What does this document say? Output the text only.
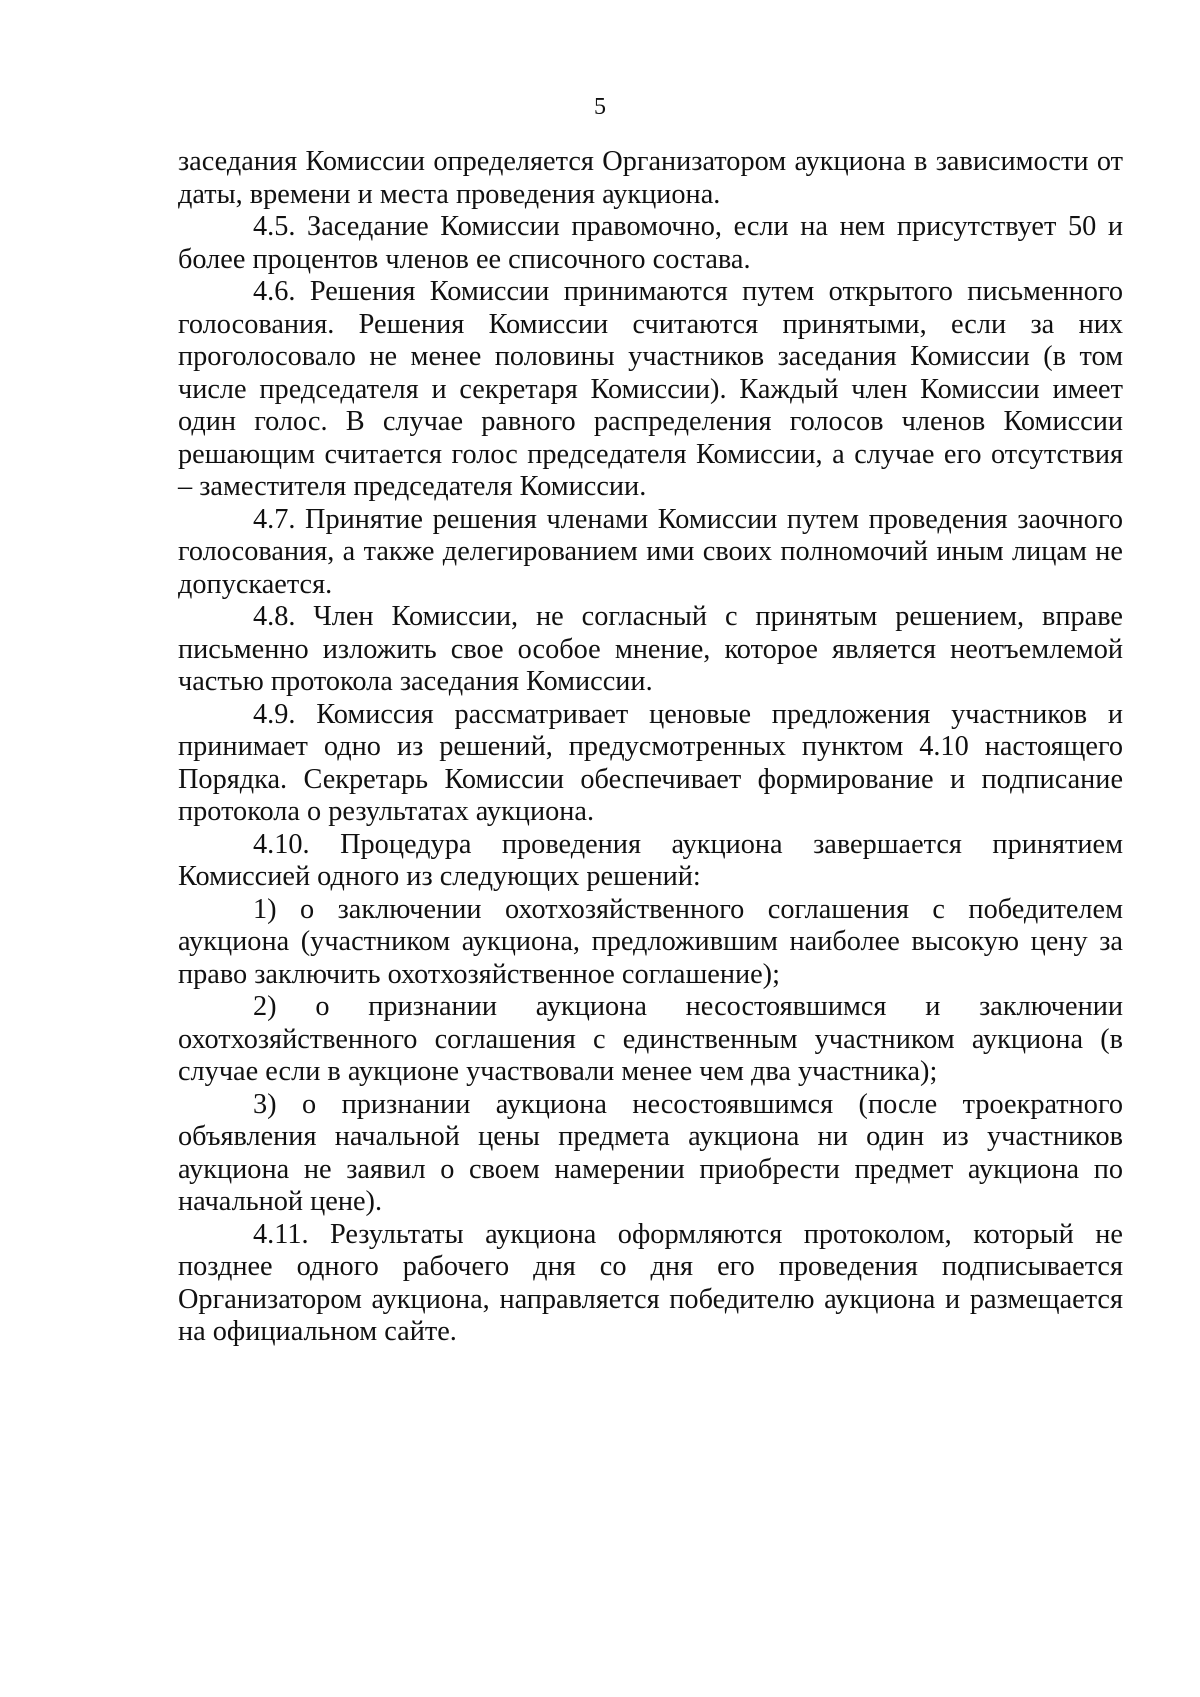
5

заседания Комиссии определяется Организатором аукциона в зависимости от даты, времени и места проведения аукциона.

4.5. Заседание Комиссии правомочно, если на нем присутствует 50 и более процентов членов ее списочного состава.

4.6. Решения Комиссии принимаются путем открытого письменного голосования. Решения Комиссии считаются принятыми, если за них проголосовало не менее половины участников заседания Комиссии (в том числе председателя и секретаря Комиссии). Каждый член Комиссии имеет один голос. В случае равного распределения голосов членов Комиссии решающим считается голос председателя Комиссии, а случае его отсутствия – заместителя председателя Комиссии.

4.7. Принятие решения членами Комиссии путем проведения заочного голосования, а также делегированием ими своих полномочий иным лицам не допускается.

4.8. Член Комиссии, не согласный с принятым решением, вправе письменно изложить свое особое мнение, которое является неотъемлемой частью протокола заседания Комиссии.

4.9. Комиссия рассматривает ценовые предложения участников и принимает одно из решений, предусмотренных пунктом 4.10 настоящего Порядка. Секретарь Комиссии обеспечивает формирование и подписание протокола о результатах аукциона.

4.10. Процедура проведения аукциона завершается принятием Комиссией одного из следующих решений:

1) о заключении охотхозяйственного соглашения с победителем аукциона (участником аукциона, предложившим наиболее высокую цену за право заключить охотхозяйственное соглашение);

2) о признании аукциона несостоявшимся и заключении охотхозяйственного соглашения с единственным участником аукциона (в случае если в аукционе участвовали менее чем два участника);

3) о признании аукциона несостоявшимся (после троекратного объявления начальной цены предмета аукциона ни один из участников аукциона не заявил о своем намерении приобрести предмет аукциона по начальной цене).

4.11. Результаты аукциона оформляются протоколом, который не позднее одного рабочего дня со дня его проведения подписывается Организатором аукциона, направляется победителю аукциона и размещается на официальном сайте.
